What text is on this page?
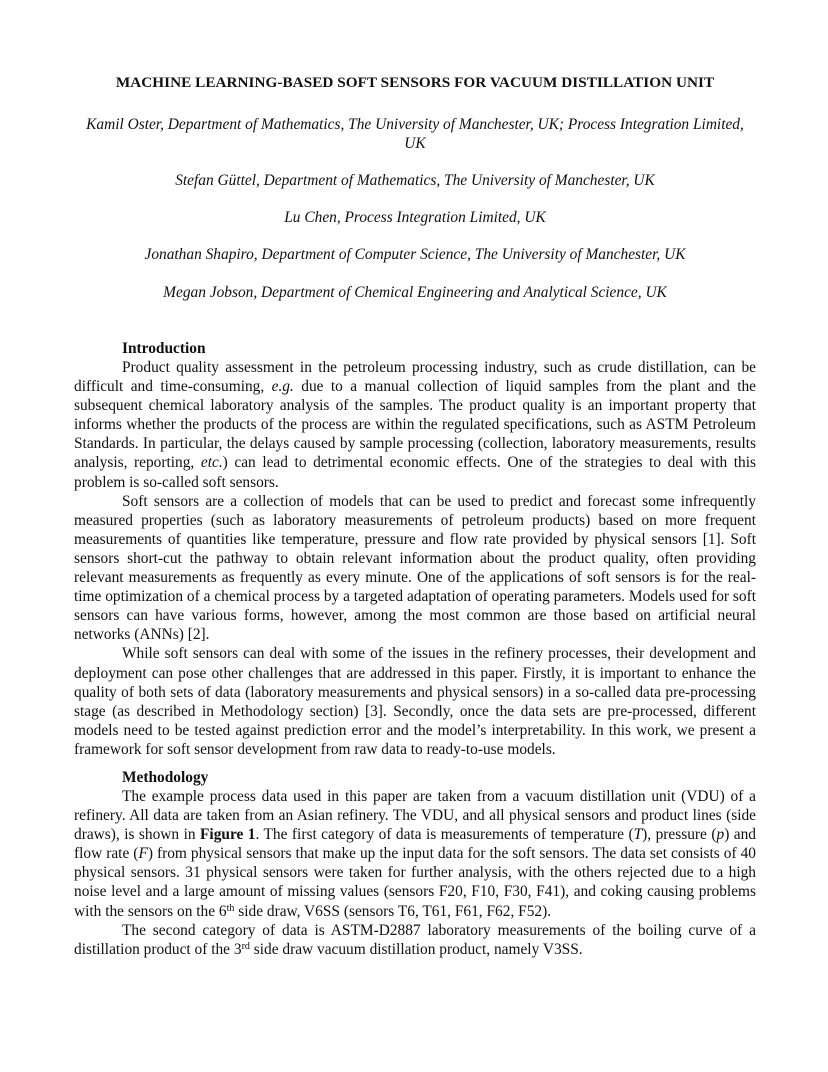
MACHINE LEARNING-BASED SOFT SENSORS FOR VACUUM DISTILLATION UNIT
Kamil Oster, Department of Mathematics, The University of Manchester, UK; Process Integration Limited, UK
Stefan Güttel, Department of Mathematics, The University of Manchester, UK
Lu Chen, Process Integration Limited, UK
Jonathan Shapiro, Department of Computer Science, The University of Manchester, UK
Megan Jobson, Department of Chemical Engineering and Analytical Science, UK
Introduction

Product quality assessment in the petroleum processing industry, such as crude distillation, can be difficult and time-consuming, e.g. due to a manual collection of liquid samples from the plant and the subsequent chemical laboratory analysis of the samples. The product quality is an important property that informs whether the products of the process are within the regulated specifications, such as ASTM Petroleum Standards. In particular, the delays caused by sample processing (collection, laboratory measurements, results analysis, reporting, etc.) can lead to detrimental economic effects. One of the strategies to deal with this problem is so-called soft sensors.

Soft sensors are a collection of models that can be used to predict and forecast some infrequently measured properties (such as laboratory measurements of petroleum products) based on more frequent measurements of quantities like temperature, pressure and flow rate provided by physical sensors [1]. Soft sensors short-cut the pathway to obtain relevant information about the product quality, often providing relevant measurements as frequently as every minute. One of the applications of soft sensors is for the real-time optimization of a chemical process by a targeted adaptation of operating parameters. Models used for soft sensors can have various forms, however, among the most common are those based on artificial neural networks (ANNs) [2].

While soft sensors can deal with some of the issues in the refinery processes, their development and deployment can pose other challenges that are addressed in this paper. Firstly, it is important to enhance the quality of both sets of data (laboratory measurements and physical sensors) in a so-called data pre-processing stage (as described in Methodology section) [3]. Secondly, once the data sets are pre-processed, different models need to be tested against prediction error and the model’s interpretability. In this work, we present a framework for soft sensor development from raw data to ready-to-use models.

Methodology

The example process data used in this paper are taken from a vacuum distillation unit (VDU) of a refinery. All data are taken from an Asian refinery. The VDU, and all physical sensors and product lines (side draws), is shown in Figure 1. The first category of data is measurements of temperature (T), pressure (p) and flow rate (F) from physical sensors that make up the input data for the soft sensors. The data set consists of 40 physical sensors. 31 physical sensors were taken for further analysis, with the others rejected due to a high noise level and a large amount of missing values (sensors F20, F10, F30, F41), and coking causing problems with the sensors on the 6th side draw, V6SS (sensors T6, T61, F61, F62, F52).

The second category of data is ASTM-D2887 laboratory measurements of the boiling curve of a distillation product of the 3rd side draw vacuum distillation product, namely V3SS.
